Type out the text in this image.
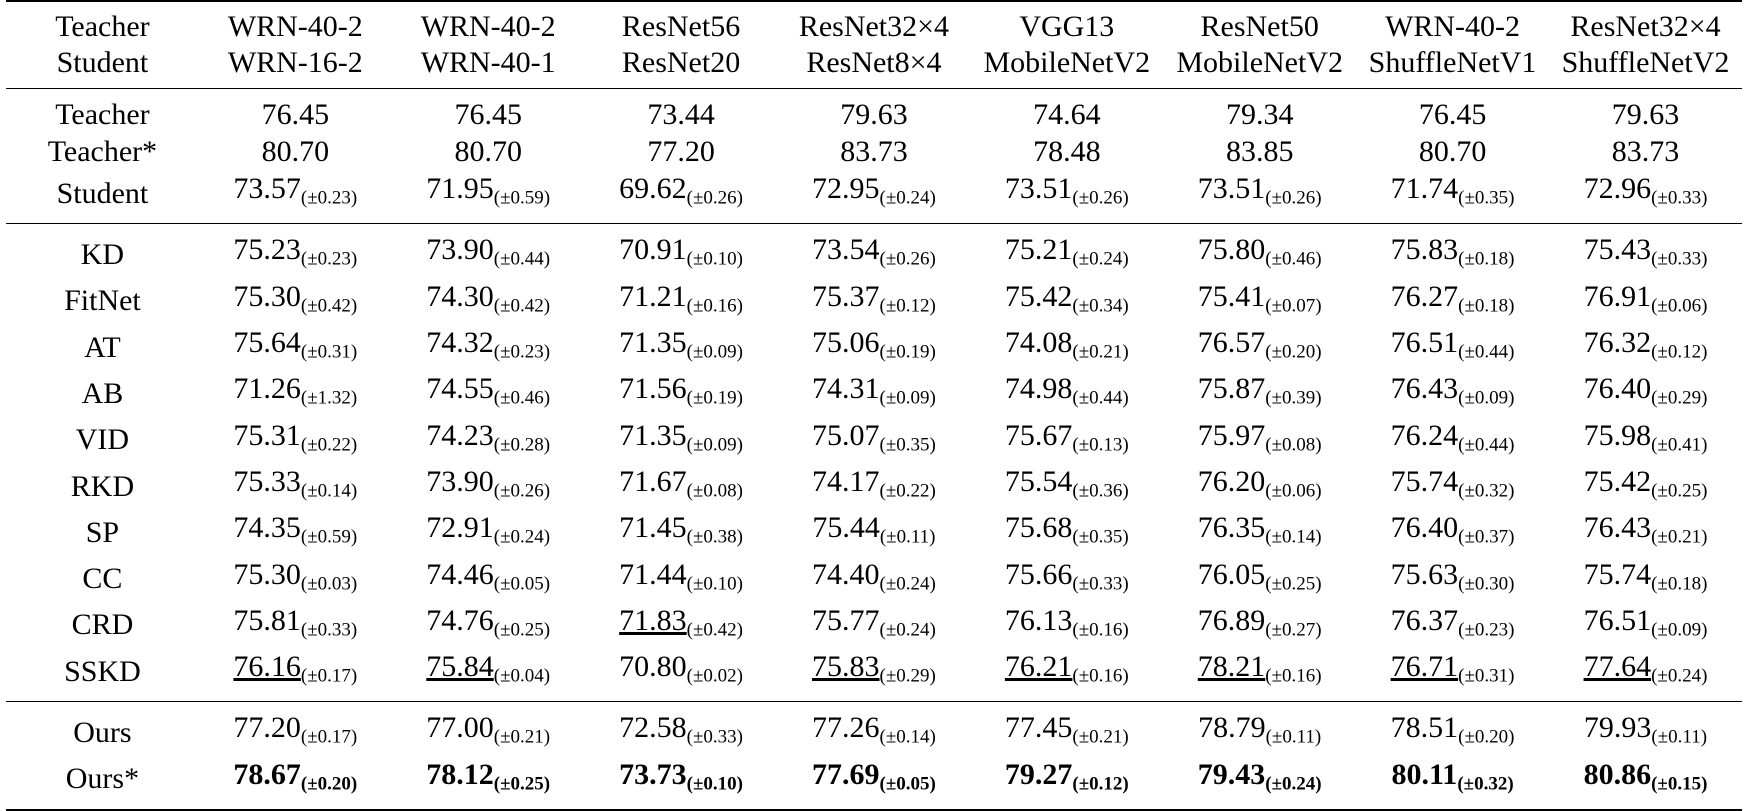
Teacher	WRN-40-2	WRN-40-2	ResNet56	ResNet32×4	VGG13	ResNet50	WRN-40-2	ResNet32×4
Student	WRN-16-2	WRN-40-1	ResNet20	ResNet8×4	MobileNetV2	MobileNetV2	ShuffleNetV1	ShuffleNetV2

Teacher	76.45	76.45	73.44	79.63	74.64	79.34	76.45	79.63
Teacher*	80.70	80.70	77.20	83.73	78.48	83.85	80.70	83.73
Student	73.57(±0.23)	71.95(±0.59)	69.62(±0.26)	72.95(±0.24)	73.51(±0.26)	73.51(±0.26)	71.74(±0.35)	72.96(±0.33)

KD	75.23(±0.23)	73.90(±0.44)	70.91(±0.10)	73.54(±0.26)	75.21(±0.24)	75.80(±0.46)	75.83(±0.18)	75.43(±0.33)
FitNet	75.30(±0.42)	74.30(±0.42)	71.21(±0.16)	75.37(±0.12)	75.42(±0.34)	75.41(±0.07)	76.27(±0.18)	76.91(±0.06)
AT	75.64(±0.31)	74.32(±0.23)	71.35(±0.09)	75.06(±0.19)	74.08(±0.21)	76.57(±0.20)	76.51(±0.44)	76.32(±0.12)
AB	71.26(±1.32)	74.55(±0.46)	71.56(±0.19)	74.31(±0.09)	74.98(±0.44)	75.87(±0.39)	76.43(±0.09)	76.40(±0.29)
VID	75.31(±0.22)	74.23(±0.28)	71.35(±0.09)	75.07(±0.35)	75.67(±0.13)	75.97(±0.08)	76.24(±0.44)	75.98(±0.41)
RKD	75.33(±0.14)	73.90(±0.26)	71.67(±0.08)	74.17(±0.22)	75.54(±0.36)	76.20(±0.06)	75.74(±0.32)	75.42(±0.25)
SP	74.35(±0.59)	72.91(±0.24)	71.45(±0.38)	75.44(±0.11)	75.68(±0.35)	76.35(±0.14)	76.40(±0.37)	76.43(±0.21)
CC	75.30(±0.03)	74.46(±0.05)	71.44(±0.10)	74.40(±0.24)	75.66(±0.33)	76.05(±0.25)	75.63(±0.30)	75.74(±0.18)
CRD	75.81(±0.33)	74.76(±0.25)	71.83(±0.42)	75.77(±0.24)	76.13(±0.16)	76.89(±0.27)	76.37(±0.23)	76.51(±0.09)
SSKD	76.16(±0.17)	75.84(±0.04)	70.80(±0.02)	75.83(±0.29)	76.21(±0.16)	78.21(±0.16)	76.71(±0.31)	77.64(±0.24)

Ours	77.20(±0.17)	77.00(±0.21)	72.58(±0.33)	77.26(±0.14)	77.45(±0.21)	78.79(±0.11)	78.51(±0.20)	79.93(±0.11)
Ours*	78.67(±0.20)	78.12(±0.25)	73.73(±0.10)	77.69(±0.05)	79.27(±0.12)	79.43(±0.24)	80.11(±0.32)	80.86(±0.15)
